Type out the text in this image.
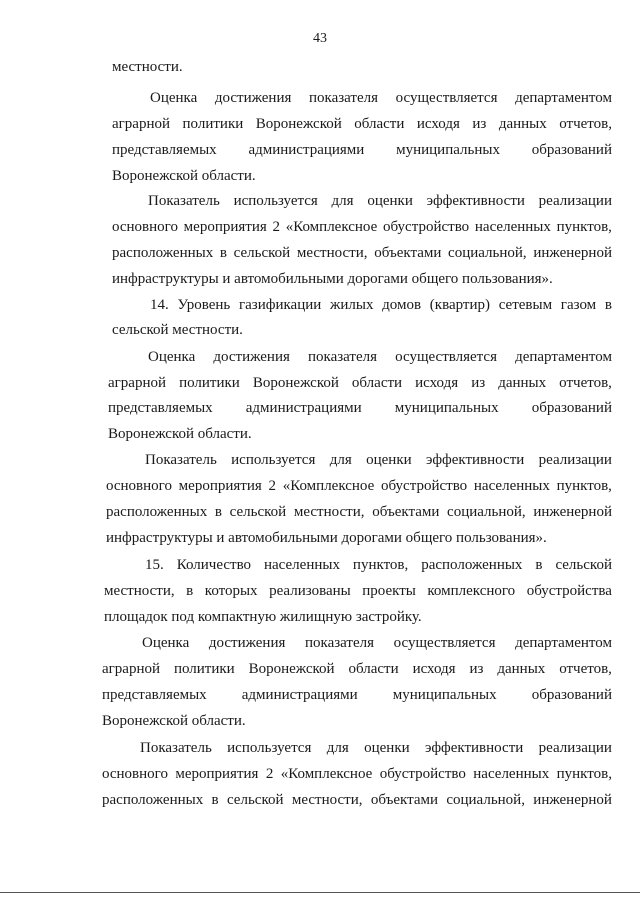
43
местности.
Оценка достижения показателя осуществляется департаментом
аграрной политики Воронежской области исходя из данных отчетов,
представляемых администрациями муниципальных образований
Воронежской области.
Показатель используется для оценки эффективности реализации
основного мероприятия 2 «Комплексное обустройство населенных пунктов,
расположенных в сельской местности, объектами социальной, инженерной
инфраструктуры и автомобильными дорогами общего пользования».
14. Уровень газификации жилых домов (квартир) сетевым газом в
сельской местности.
Оценка достижения показателя осуществляется департаментом
аграрной политики Воронежской области исходя из данных отчетов,
представляемых администрациями муниципальных образований
Воронежской области.
Показатель используется для оценки эффективности реализации
основного мероприятия 2 «Комплексное обустройство населенных пунктов,
расположенных в сельской местности, объектами социальной, инженерной
инфраструктуры и автомобильными дорогами общего пользования».
15. Количество населенных пунктов, расположенных в сельской
местности, в которых реализованы проекты комплексного обустройства
площадок под компактную жилищную застройку.
Оценка достижения показателя осуществляется департаментом
аграрной политики Воронежской области исходя из данных отчетов,
представляемых администрациями муниципальных образований
Воронежской области.
Показатель используется для оценки эффективности реализации
основного мероприятия 2 «Комплексное обустройство населенных пунктов,
расположенных в сельской местности, объектами социальной, инженерной
